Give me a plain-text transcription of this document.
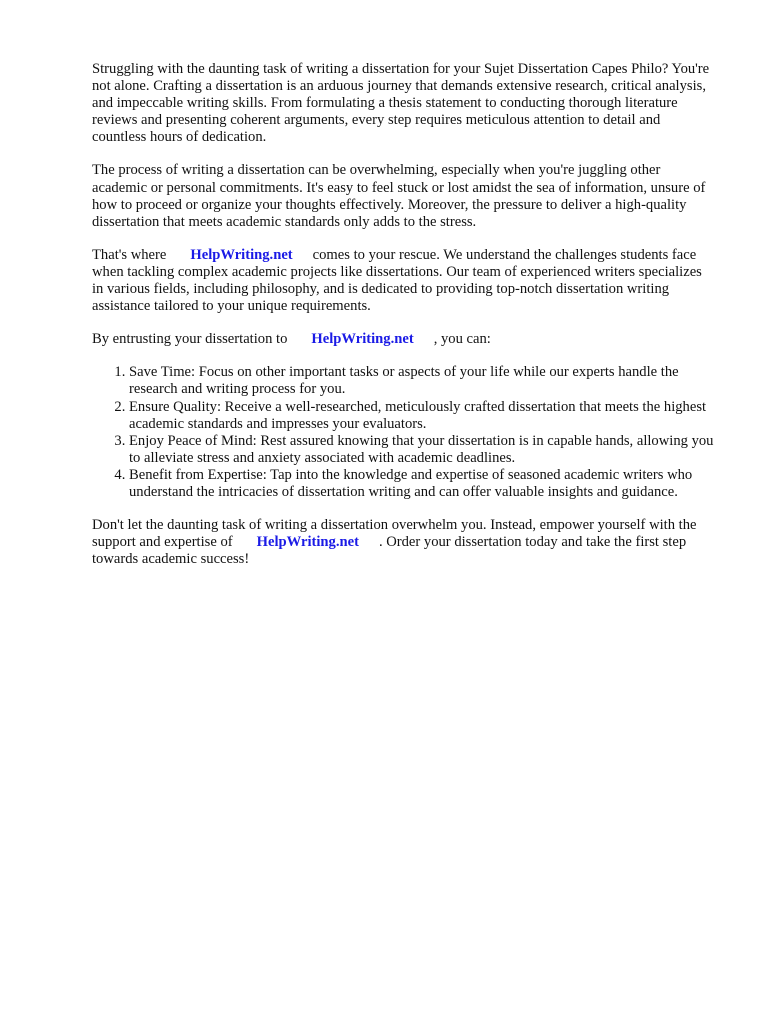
Struggling with the daunting task of writing a dissertation for your Sujet Dissertation Capes Philo? You're not alone. Crafting a dissertation is an arduous journey that demands extensive research, critical analysis, and impeccable writing skills. From formulating a thesis statement to conducting thorough literature reviews and presenting coherent arguments, every step requires meticulous attention to detail and countless hours of dedication.

The process of writing a dissertation can be overwhelming, especially when you're juggling other academic or personal commitments. It's easy to feel stuck or lost amidst the sea of information, unsure of how to proceed or organize your thoughts effectively. Moreover, the pressure to deliver a high-quality dissertation that meets academic standards only adds to the stress.

That's where HelpWriting.net comes to your rescue. We understand the challenges students face when tackling complex academic projects like dissertations. Our team of experienced writers specializes in various fields, including philosophy, and is dedicated to providing top-notch dissertation writing assistance tailored to your unique requirements.

By entrusting your dissertation to HelpWriting.net , you can:

1. Save Time: Focus on other important tasks or aspects of your life while our experts handle the research and writing process for you.
2. Ensure Quality: Receive a well-researched, meticulously crafted dissertation that meets the highest academic standards and impresses your evaluators.
3. Enjoy Peace of Mind: Rest assured knowing that your dissertation is in capable hands, allowing you to alleviate stress and anxiety associated with academic deadlines.
4. Benefit from Expertise: Tap into the knowledge and expertise of seasoned academic writers who understand the intricacies of dissertation writing and can offer valuable insights and guidance.

Don't let the daunting task of writing a dissertation overwhelm you. Instead, empower yourself with the support and expertise of HelpWriting.net . Order your dissertation today and take the first step towards academic success!
